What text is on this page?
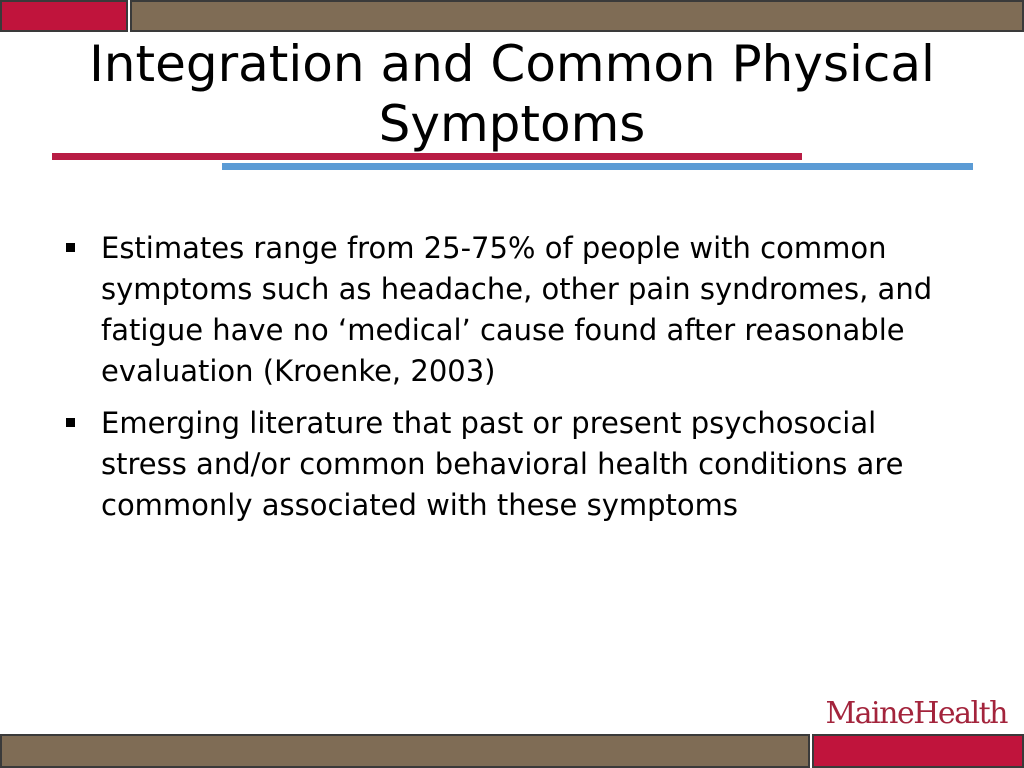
Integration and Common Physical Symptoms
Estimates range from 25-75% of people with common symptoms such as headache, other pain syndromes, and fatigue have no ‘medical’ cause found after reasonable evaluation (Kroenke, 2003)
Emerging literature that past or present psychosocial stress and/or common behavioral health conditions are commonly associated with these symptoms
MaineHealth
